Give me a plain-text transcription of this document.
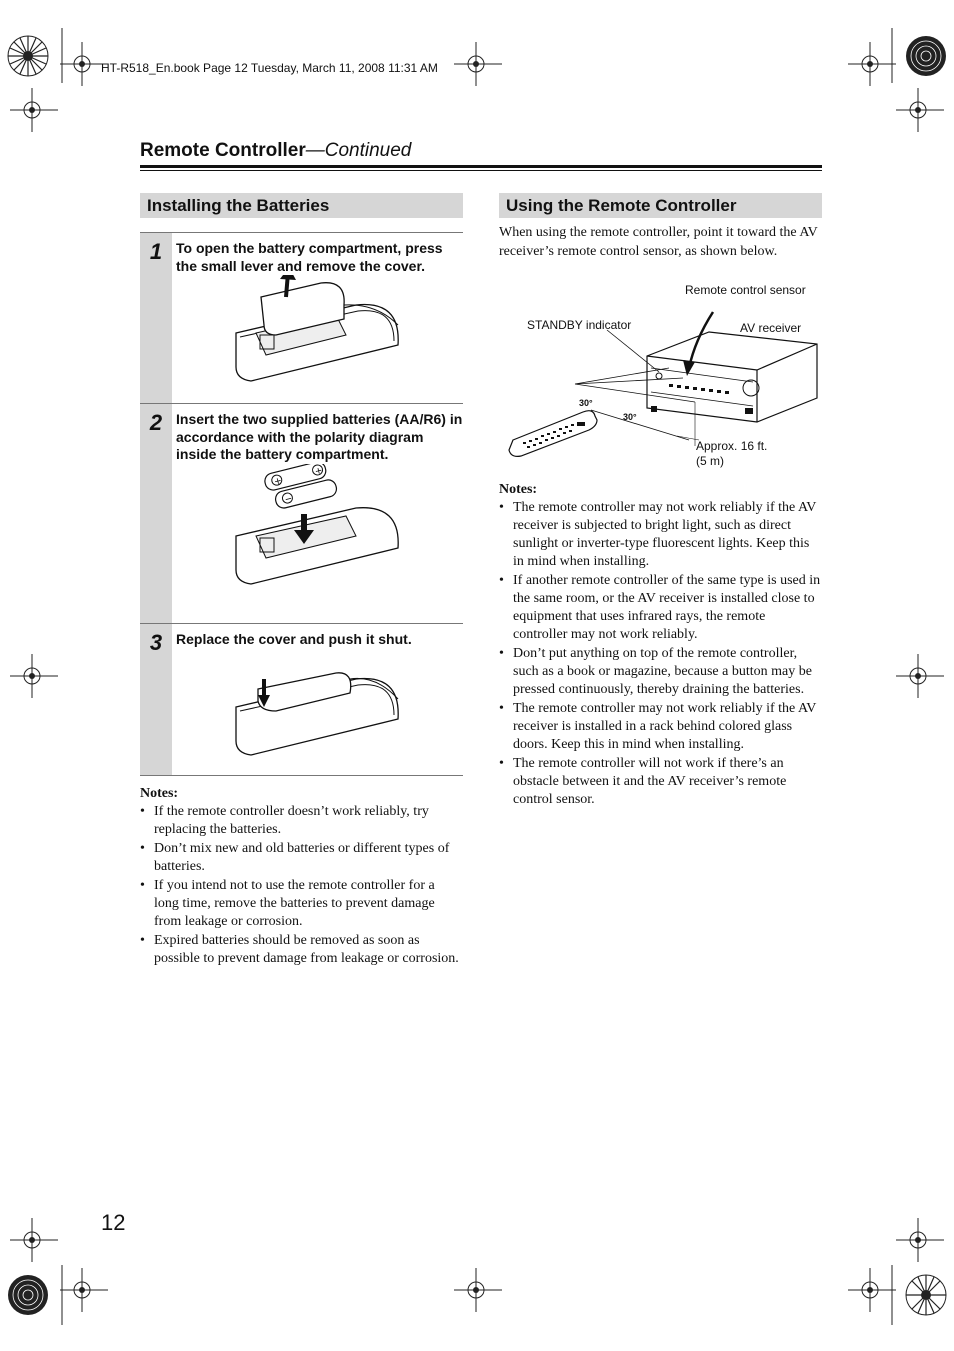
HT-R518_En.book Page 12 Tuesday, March 11, 2008 11:31 AM
Remote Controller—Continued
Installing the Batteries
1 To open the battery compartment, press the small lever and remove the cover.
2 Insert the two supplied batteries (AA/R6) in accordance with the polarity diagram inside the battery compartment.
+
+
−
3 Replace the cover and push it shut.
Notes:
• If the remote controller doesn’t work reliably, try replacing the batteries.
• Don’t mix new and old batteries or different types of batteries.
• If you intend not to use the remote controller for a long time, remove the batteries to prevent damage from leakage or corrosion.
• Expired batteries should be removed as soon as possible to prevent damage from leakage or corrosion.
Using the Remote Controller
When using the remote controller, point it toward the AV receiver’s remote control sensor, as shown below.
Remote control sensor
STANDBY indicator	AV receiver
30°
30°
Approx. 16 ft.
(5 m)
Notes:
• The remote controller may not work reliably if the AV receiver is subjected to bright light, such as direct sunlight or inverter-type fluorescent lights. Keep this in mind when installing.
• If another remote controller of the same type is used in the same room, or the AV receiver is installed close to equipment that uses infrared rays, the remote controller may not work reliably.
• Don’t put anything on top of the remote controller, such as a book or magazine, because a button may be pressed continuously, thereby draining the batteries.
• The remote controller may not work reliably if the AV receiver is installed in a rack behind colored glass doors. Keep this in mind when installing.
• The remote controller will not work if there’s an obstacle between it and the AV receiver’s remote control sensor.
12
